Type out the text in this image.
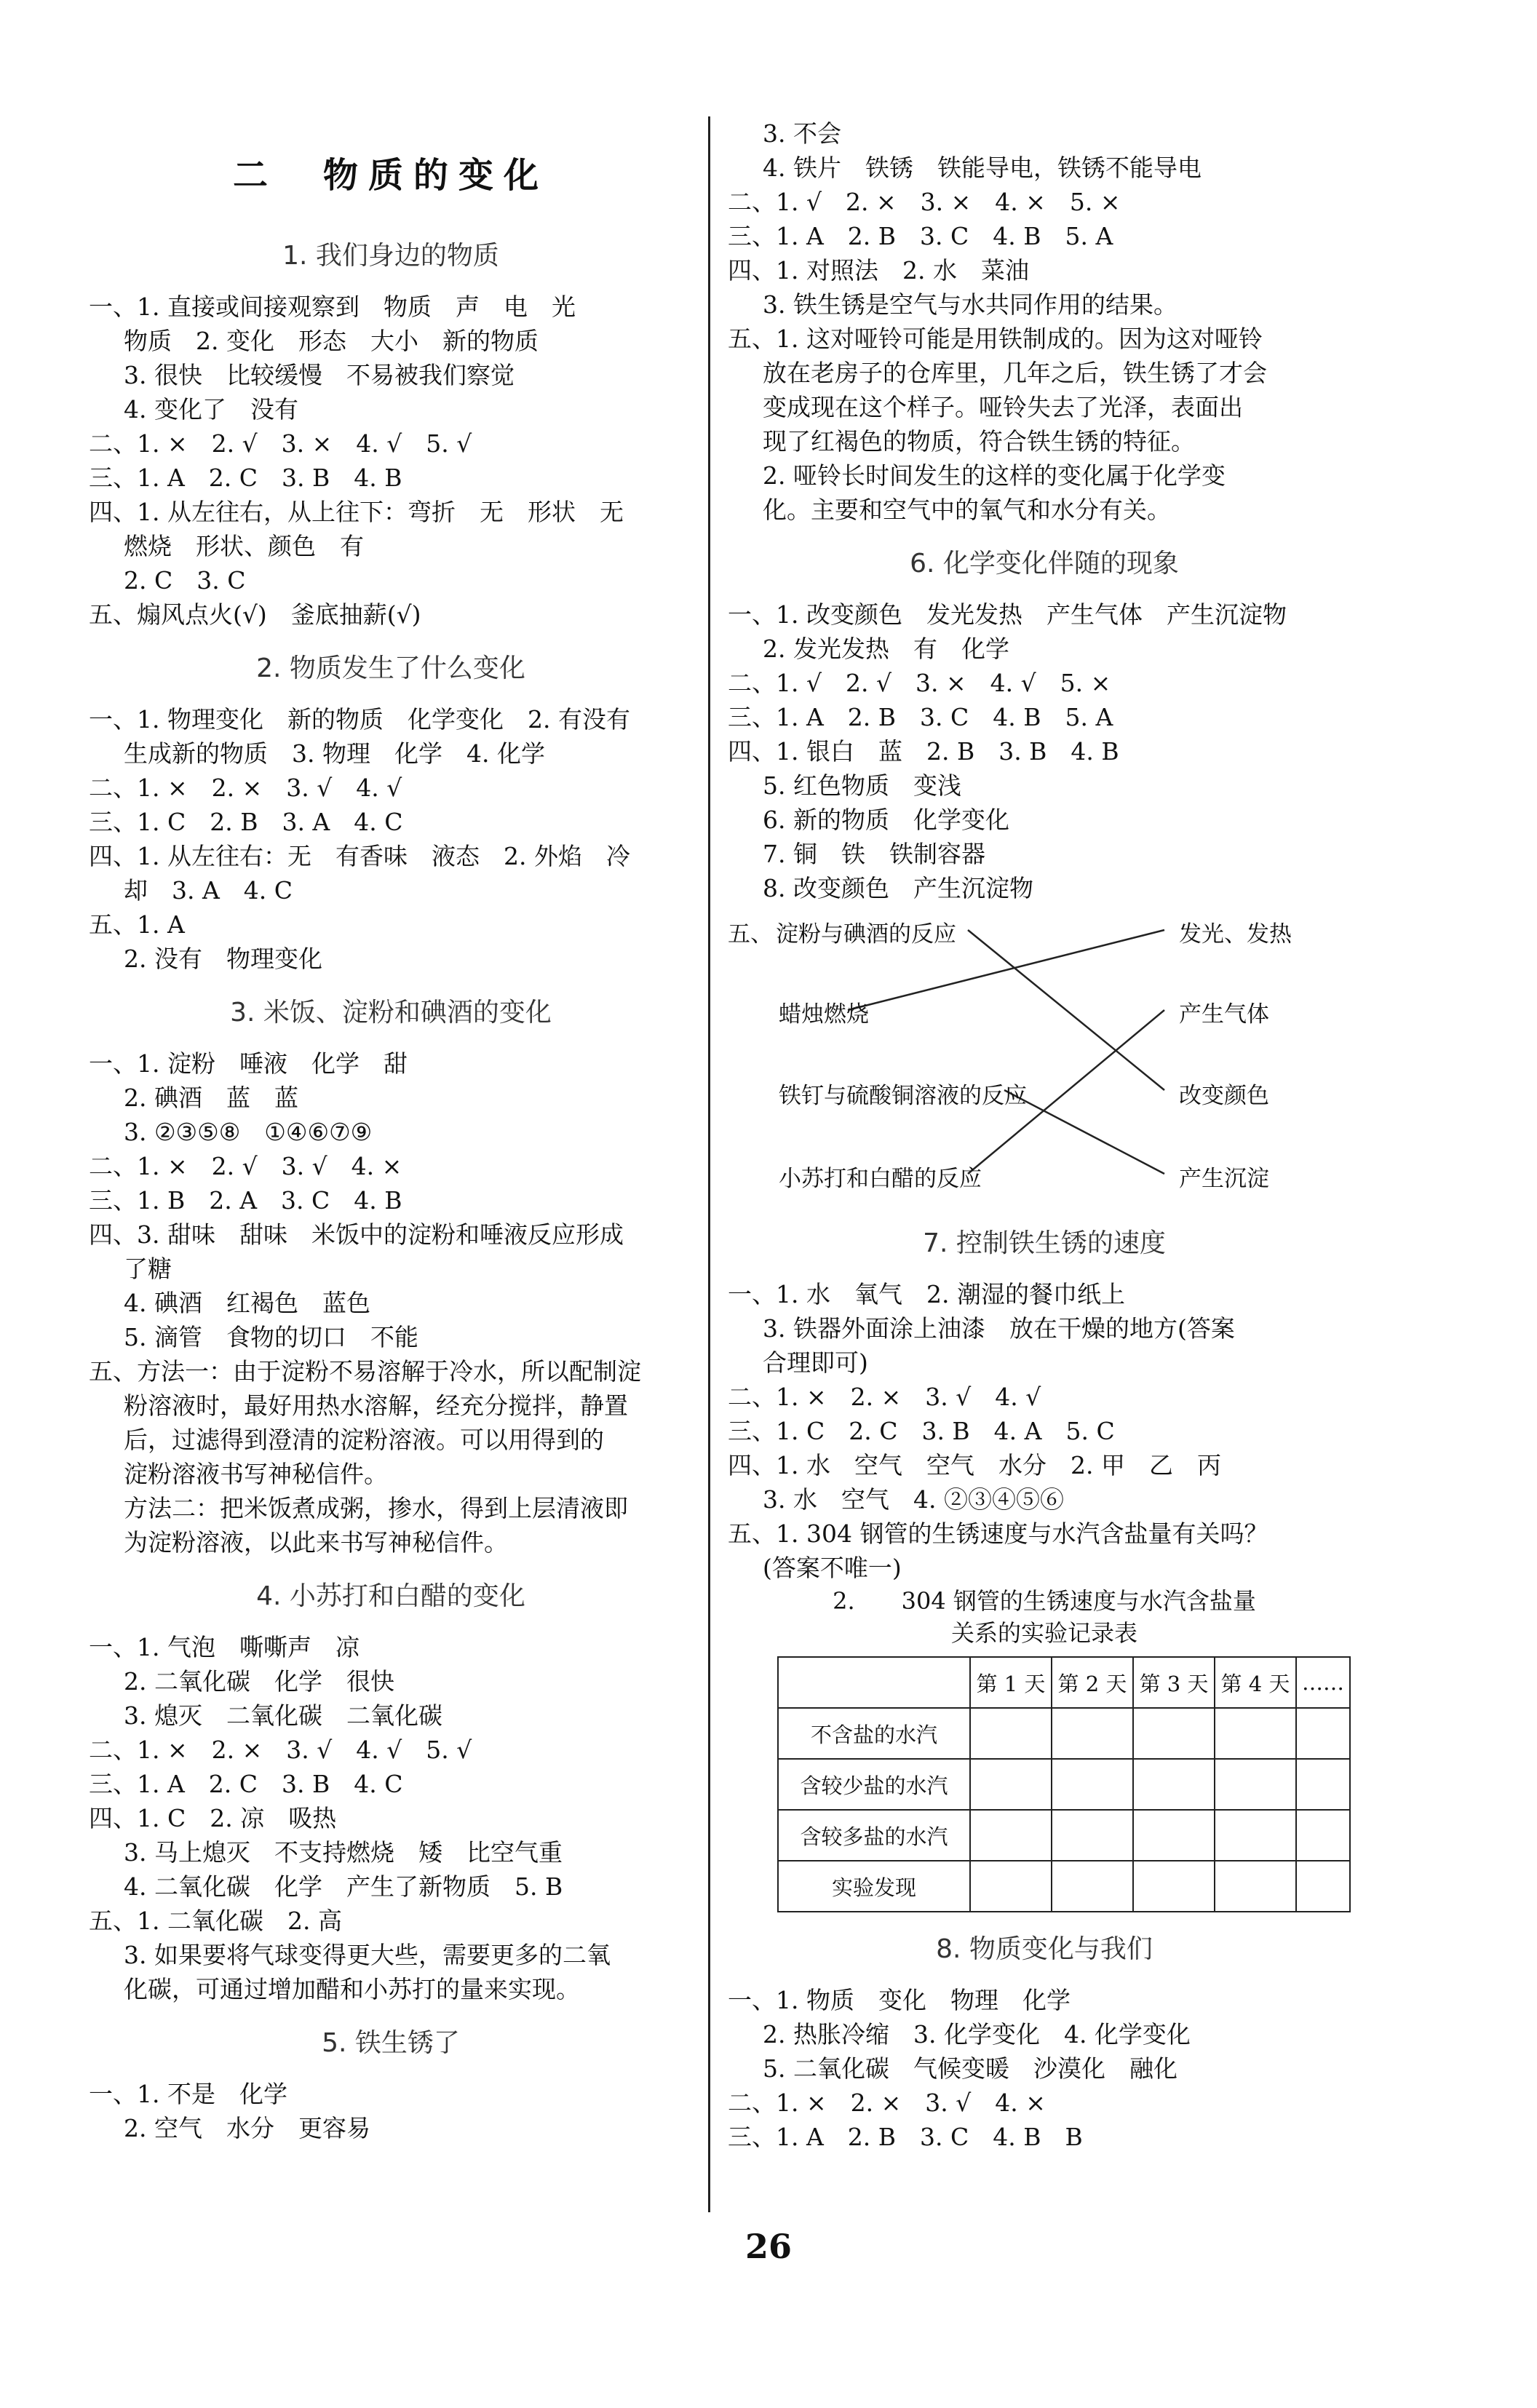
二　物质的变化
1. 我们身边的物质
一、1. 直接或间接观察到　物质　声　电　光
物质　2. 变化　形态　大小　新的物质
3. 很快　比较缓慢　不易被我们察觉
4. 变化了　没有
二、1. ×　2. √　3. ×　4. √　5. √
三、1. A　2. C　3. B　4. B
四、1. 从左往右，从上往下：弯折　无　形状　无
燃烧　形状、颜色　有
2. C　3. C
五、煽风点火(√)　釜底抽薪(√)
2. 物质发生了什么变化
一、1. 物理变化　新的物质　化学变化　2. 有没有
生成新的物质　3. 物理　化学　4. 化学
二、1. ×　2. ×　3. √　4. √
三、1. C　2. B　3. A　4. C
四、1. 从左往右：无　有香味　液态　2. 外焰　冷
却　3. A　4. C
五、1. A
2. 没有　物理变化
3. 米饭、淀粉和碘酒的变化
一、1. 淀粉　唾液　化学　甜
2. 碘酒　蓝　蓝
3. ②③⑤⑧　①④⑥⑦⑨
二、1. ×　2. √　3. √　4. ×
三、1. B　2. A　3. C　4. B
四、3. 甜味　甜味　米饭中的淀粉和唾液反应形成
了糖
4. 碘酒　红褐色　蓝色
5. 滴管　食物的切口　不能
五、方法一：由于淀粉不易溶解于冷水，所以配制淀
粉溶液时，最好用热水溶解，经充分搅拌，静置
后，过滤得到澄清的淀粉溶液。可以用得到的
淀粉溶液书写神秘信件。
方法二：把米饭煮成粥，掺水，得到上层清液即
为淀粉溶液，以此来书写神秘信件。
4. 小苏打和白醋的变化
一、1. 气泡　嘶嘶声　凉
2. 二氧化碳　化学　很快
3. 熄灭　二氧化碳　二氧化碳
二、1. ×　2. ×　3. √　4. √　5. √
三、1. A　2. C　3. B　4. C
四、1. C　2. 凉　吸热
3. 马上熄灭　不支持燃烧　矮　比空气重
4. 二氧化碳　化学　产生了新物质　5. B
五、1. 二氧化碳　2. 高
3. 如果要将气球变得更大些，需要更多的二氧
化碳，可通过增加醋和小苏打的量来实现。
5. 铁生锈了
一、1. 不是　化学
2. 空气　水分　更容易
3. 不会
4. 铁片　铁锈　铁能导电，铁锈不能导电
二、1. √　2. ×　3. ×　4. ×　5. ×
三、1. A　2. B　3. C　4. B　5. A
四、1. 对照法　2. 水　菜油
3. 铁生锈是空气与水共同作用的结果。
五、1. 这对哑铃可能是用铁制成的。因为这对哑铃
放在老房子的仓库里，几年之后，铁生锈了才会
变成现在这个样子。哑铃失去了光泽，表面出
现了红褐色的物质，符合铁生锈的特征。
2. 哑铃长时间发生的这样的变化属于化学变
化。主要和空气中的氧气和水分有关。
6. 化学变化伴随的现象
一、1. 改变颜色　发光发热　产生气体　产生沉淀物
2. 发光发热　有　化学
二、1. √　2. √　3. ×　4. √　5. ×
三、1. A　2. B　3. C　4. B　5. A
四、1. 银白　蓝　2. B　3. B　4. B
5. 红色物质　变浅
6. 新的物质　化学变化
7. 铜　铁　铁制容器
8. 改变颜色　产生沉淀物
五、 淀粉与碘酒的反应
蜡烛燃烧
铁钉与硫酸铜溶液的反应
小苏打和白醋的反应
发光、发热
产生气体
改变颜色
产生沉淀
7. 控制铁生锈的速度
一、1. 水　氧气　2. 潮湿的餐巾纸上
3. 铁器外面涂上油漆　放在干燥的地方(答案
合理即可)
二、1. ×　2. ×　3. √　4. √
三、1. C　2. C　3. B　4. A　5. C
四、1. 水　空气　空气　水分　2. 甲　乙　丙
3. 水　空气　4. ②③④⑤⑥
五、1. 304 钢管的生锈速度与水汽含盐量有关吗？
(答案不唯一)
2.　　304 钢管的生锈速度与水汽含盐量
关系的实验记录表
	第 1 天	第 2 天	第 3 天	第 4 天	……
不含盐的水汽					
含较少盐的水汽					
含较多盐的水汽					
实验发现					
8. 物质变化与我们
一、1. 物质　变化　物理　化学
2. 热胀冷缩　3. 化学变化　4. 化学变化
5. 二氧化碳　气候变暖　沙漠化　融化
二、1. ×　2. ×　3. √　4. ×
三、1. A　2. B　3. C　4. B　B
26
